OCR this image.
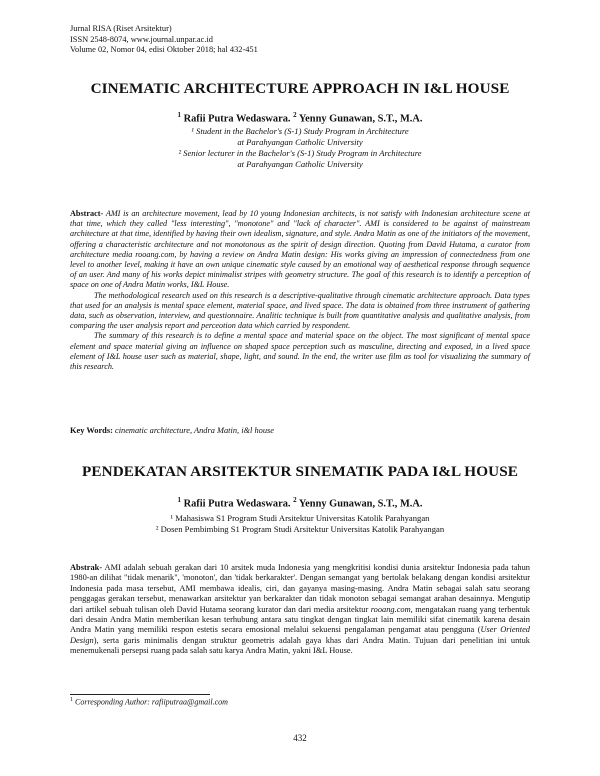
Jurnal RISA (Riset Arsitektur)
ISSN 2548-8074, www.journal.unpar.ac.id
Volume 02, Nomor 04, edisi Oktober 2018; hal 432-451
CINEMATIC ARCHITECTURE APPROACH IN I&L HOUSE
$^1$ Rafii Putra Wedaswara. $^2$ Yenny Gunawan, S.T., M.A.
¹ Student in the Bachelor's (S-1) Study Program in Architecture
at Parahyangan Catholic University
² Senior lecturer in the Bachelor's (S-1) Study Program in Architecture
at Parahyangan Catholic University

Abstract- AMI is an architecture movement, lead by 10 young Indonesian architects, is not satisfy with Indonesian architecture scene at that time, which they called "less interesting", "monotone" and "lack of character". AMI is considered to be against of mainstream architecture at that time, identified by having their own idealism, signature, and style. Andra Matin as one of the initiators of the movement, offering a characteristic architecture and not monotonous as the spirit of design direction. Quoting from David Hutama, a curator from architecture media rooang.com, by having a review on Andra Matin design: His works giving an impression of connectedness from one level to another level, making it have an own unique cinematic style caused by an emotional way of aesthetical response through sequence of an user. And many of his works depict minimalist stripes with geometry structure. The goal of this research is to identify a perception of space on one of Andra Matin works, I&L House.

The methodological research used on this research is a descriptive-qualitative through cinematic architecture approach. Data types that used for an analysis is mental space element, material space, and lived space. The data is obtained from three instrument of gathering data, such as observation, interview, and questionnaire. Analitic technique is built from quantitative analysis and qualitative analysis, from comparing the user analysis report and perceotion data which carried by respondent.

The summary of this research is to define a mental space and material space on the object. The most significant of mental space element and space material giving an influence on shaped space perception such as masculine, directing and exposed, in a lived space element of I&L house user such as material, shape, light, and sound. In the end, the writer use film as tool for visualizing the summary of this research.

Key Words: cinematic architecture, Andra Matin, i&l house
PENDEKATAN ARSITEKTUR SINEMATIK PADA I&L HOUSE
$^1$ Rafii Putra Wedaswara. $^2$ Yenny Gunawan, S.T., M.A.
¹ Mahasiswa S1 Program Studi Arsitektur Universitas Katolik Parahyangan
² Dosen Pembimbing S1 Program Studi Arsitektur Universitas Katolik Parahyangan
Abstrak- AMI adalah sebuah gerakan dari 10 arsitek muda Indonesia yang mengkritisi kondisi dunia arsitektur Indonesia pada tahun 1980-an dilihat "tidak menarik", 'monoton', dan 'tidak berkarakter'. Dengan semangat yang bertolak belakang dengan kondisi arsitektur Indonesia pada masa tersebut, AMI membawa idealis, ciri, dan gayanya masing-masing. Andra Matin sebagai salah satu seorang penggagas gerakan tersebut, menawarkan arsitektur yan berkarakter dan tidak monoton sebagai semangat arahan desainnya. Mengutip dari artikel sebuah tulisan oleh David Hutama seorang kurator dan dari media arsitektur rooang.com, mengatakan ruang yang terbentuk dari desain Andra Matin memberikan kesan terhubung antara satu tingkat dengan tingkat lain memiliki sifat cinematik karena desain Andra Matin yang memiliki respon estetis secara emosional melalui sekuensi pengalaman pengamat atau pengguna (User Oriented Design), serta garis minimalis dengan struktur geometris adalah gaya khas dari Andra Matin. Tujuan dari penelitian ini untuk menemukenali persepsi ruang pada salah satu karya Andra Matin, yakni I&L House.
$^1$ Corresponding Author: rafiiputraa@gmail.com
432
